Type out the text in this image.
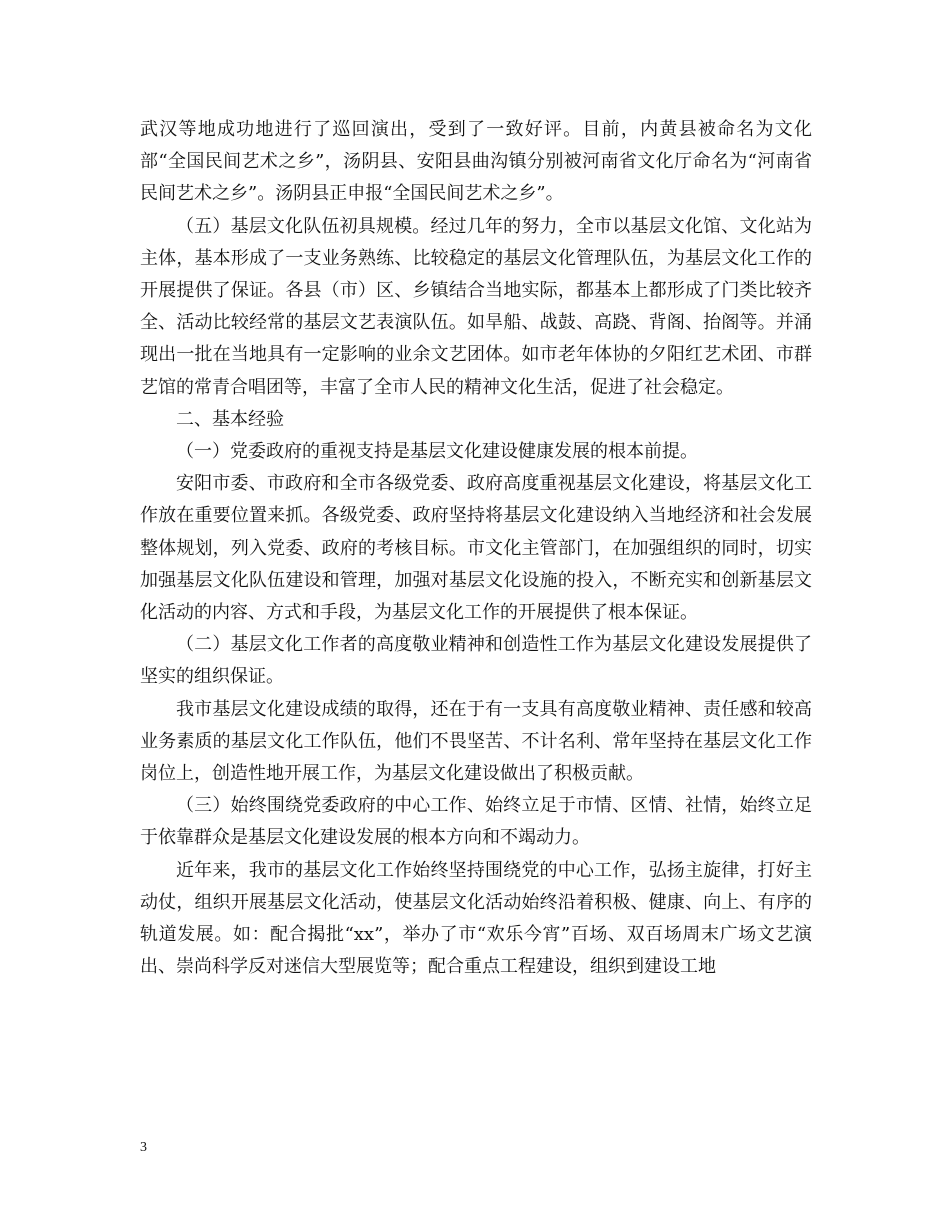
武汉等地成功地进行了巡回演出，受到了一致好评。目前，内黄县被命名为文化部“全国民间艺术之乡”，汤阴县、安阳县曲沟镇分别被河南省文化厅命名为“河南省民间艺术之乡”。汤阴县正申报“全国民间艺术之乡”。

（五）基层文化队伍初具规模。经过几年的努力，全市以基层文化馆、文化站为主体，基本形成了一支业务熟练、比较稳定的基层文化管理队伍，为基层文化工作的开展提供了保证。各县（市）区、乡镇结合当地实际，都基本上都形成了门类比较齐全、活动比较经常的基层文艺表演队伍。如旱船、战鼓、高跷、背阁、抬阁等。并涌现出一批在当地具有一定影响的业余文艺团体。如市老年体协的夕阳红艺术团、市群艺馆的常青合唱团等，丰富了全市人民的精神文化生活，促进了社会稳定。

二、基本经验

（一）党委政府的重视支持是基层文化建设健康发展的根本前提。

安阳市委、市政府和全市各级党委、政府高度重视基层文化建设，将基层文化工作放在重要位置来抓。各级党委、政府坚持将基层文化建设纳入当地经济和社会发展整体规划，列入党委、政府的考核目标。市文化主管部门，在加强组织的同时，切实加强基层文化队伍建设和管理，加强对基层文化设施的投入，不断充实和创新基层文化活动的内容、方式和手段，为基层文化工作的开展提供了根本保证。

（二）基层文化工作者的高度敬业精神和创造性工作为基层文化建设发展提供了坚实的组织保证。

我市基层文化建设成绩的取得，还在于有一支具有高度敬业精神、责任感和较高业务素质的基层文化工作队伍，他们不畏坚苦、不计名利、常年坚持在基层文化工作岗位上，创造性地开展工作，为基层文化建设做出了积极贡献。

（三）始终围绕党委政府的中心工作、始终立足于市情、区情、社情，始终立足于依靠群众是基层文化建设发展的根本方向和不竭动力。

近年来，我市的基层文化工作始终坚持围绕党的中心工作，弘扬主旋律，打好主动仗，组织开展基层文化活动，使基层文化活动始终沿着积极、健康、向上、有序的轨道发展。如：配合揭批“xx”，举办了市“欢乐今宵”百场、双百场周末广场文艺演出、崇尚科学反对迷信大型展览等；配合重点工程建设，组织到建设工地

3
